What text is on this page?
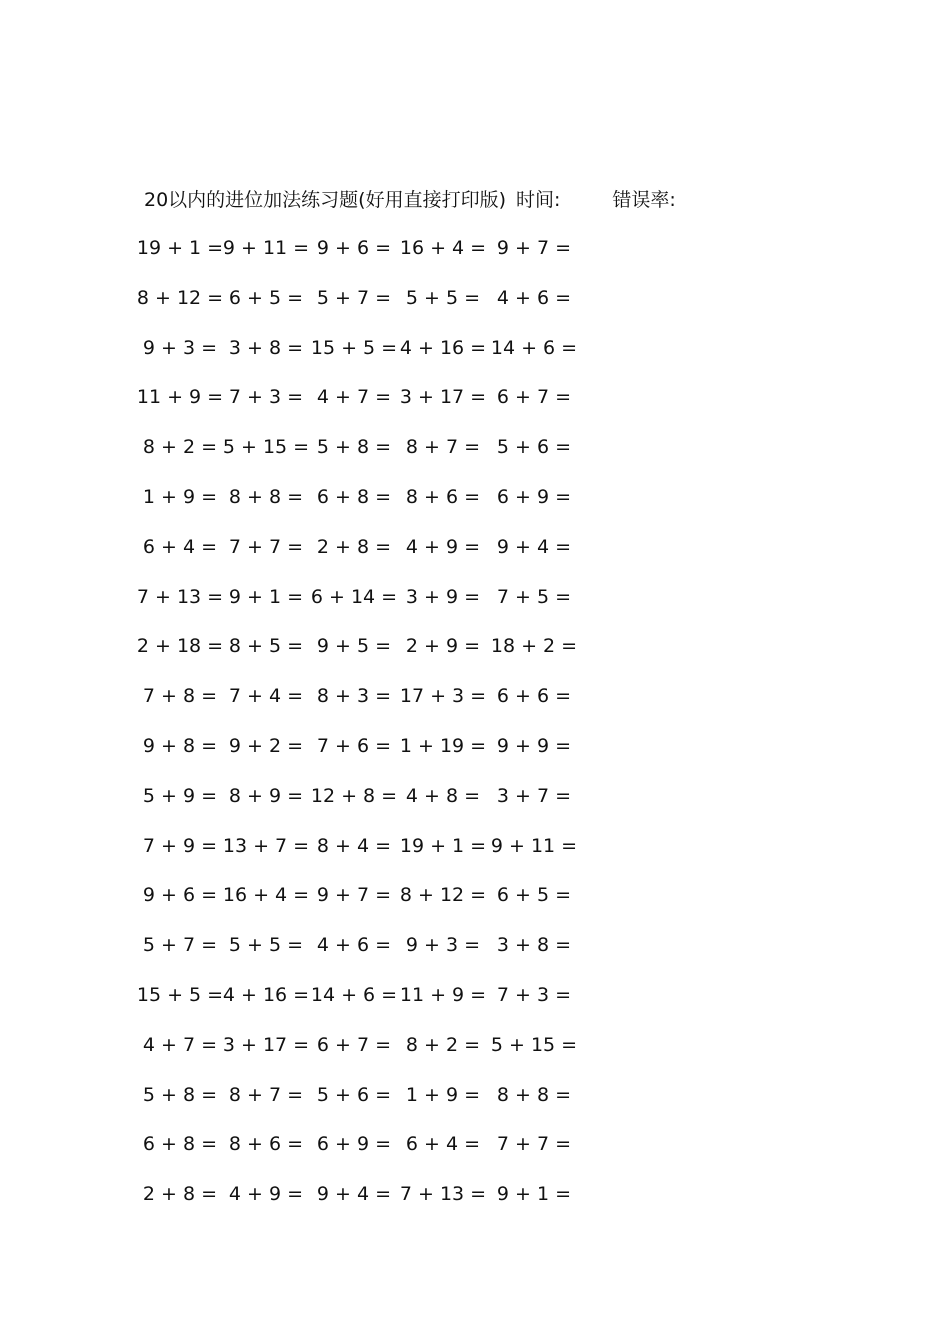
20以内的进位加法练习题(好用直接打印版) 时间:	错误率:
19 + 1 = 9 + 11 = 9 + 6 = 16 + 4 = 9 + 7 =
8 + 12 = 6 + 5 = 5 + 7 = 5 + 5 = 4 + 6 =
9 + 3 = 3 + 8 = 15 + 5 = 4 + 16 = 14 + 6 =
11 + 9 = 7 + 3 = 4 + 7 = 3 + 17 = 6 + 7 =
8 + 2 = 5 + 15 = 5 + 8 = 8 + 7 = 5 + 6 =
1 + 9 = 8 + 8 = 6 + 8 = 8 + 6 = 6 + 9 =
6 + 4 = 7 + 7 = 2 + 8 = 4 + 9 = 9 + 4 =
7 + 13 = 9 + 1 = 6 + 14 = 3 + 9 = 7 + 5 =
2 + 18 = 8 + 5 = 9 + 5 = 2 + 9 = 18 + 2 =
7 + 8 = 7 + 4 = 8 + 3 = 17 + 3 = 6 + 6 =
9 + 8 = 9 + 2 = 7 + 6 = 1 + 19 = 9 + 9 =
5 + 9 = 8 + 9 = 12 + 8 = 4 + 8 = 3 + 7 =
7 + 9 = 13 + 7 = 8 + 4 = 19 + 1 = 9 + 11 =
9 + 6 = 16 + 4 = 9 + 7 = 8 + 12 = 6 + 5 =
5 + 7 = 5 + 5 = 4 + 6 = 9 + 3 = 3 + 8 =
15 + 5 = 4 + 16 = 14 + 6 = 11 + 9 = 7 + 3 =
4 + 7 = 3 + 17 = 6 + 7 = 8 + 2 = 5 + 15 =
5 + 8 = 8 + 7 = 5 + 6 = 1 + 9 = 8 + 8 =
6 + 8 = 8 + 6 = 6 + 9 = 6 + 4 = 7 + 7 =
2 + 8 = 4 + 9 = 9 + 4 = 7 + 13 = 9 + 1 =
